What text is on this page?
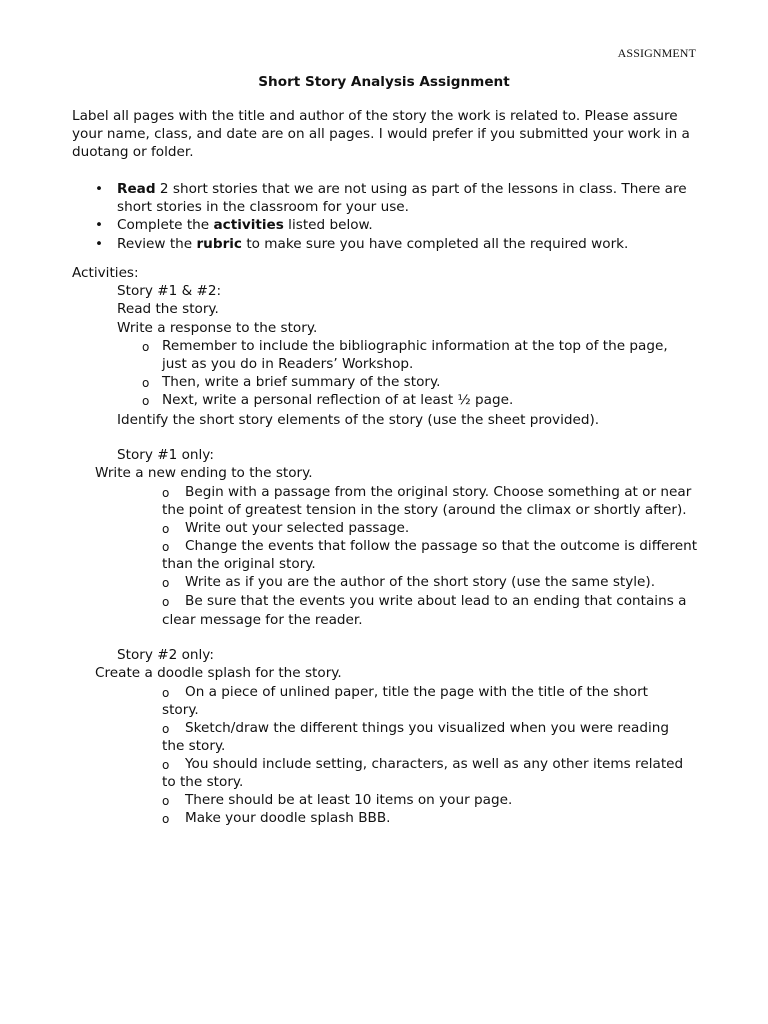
ASSIGNMENT
Short Story Analysis Assignment
Label all pages with the title and author of the story the work is related to. Please assure
your name, class, and date are on all pages. I would prefer if you submitted your work in a
duotang or folder.
• Read 2 short stories that we are not using as part of the lessons in class. There are
short stories in the classroom for your use.
• Complete the activities listed below.
• Review the rubric to make sure you have completed all the required work.
Activities:
Story #1 & #2:
Read the story.
Write a response to the story.
o Remember to include the bibliographic information at the top of the page,
just as you do in Readers’ Workshop.
o Then, write a brief summary of the story.
o Next, write a personal reflection of at least ½ page.
Identify the short story elements of the story (use the sheet provided).
Story #1 only:
Write a new ending to the story.
o Begin with a passage from the original story. Choose something at or near
the point of greatest tension in the story (around the climax or shortly after).
o Write out your selected passage.
o Change the events that follow the passage so that the outcome is different
than the original story.
o Write as if you are the author of the short story (use the same style).
o Be sure that the events you write about lead to an ending that contains a
clear message for the reader.
Story #2 only:
Create a doodle splash for the story.
o On a piece of unlined paper, title the page with the title of the short
story.
o Sketch/draw the different things you visualized when you were reading
the story.
o You should include setting, characters, as well as any other items related
to the story.
o There should be at least 10 items on your page.
o Make your doodle splash BBB.
